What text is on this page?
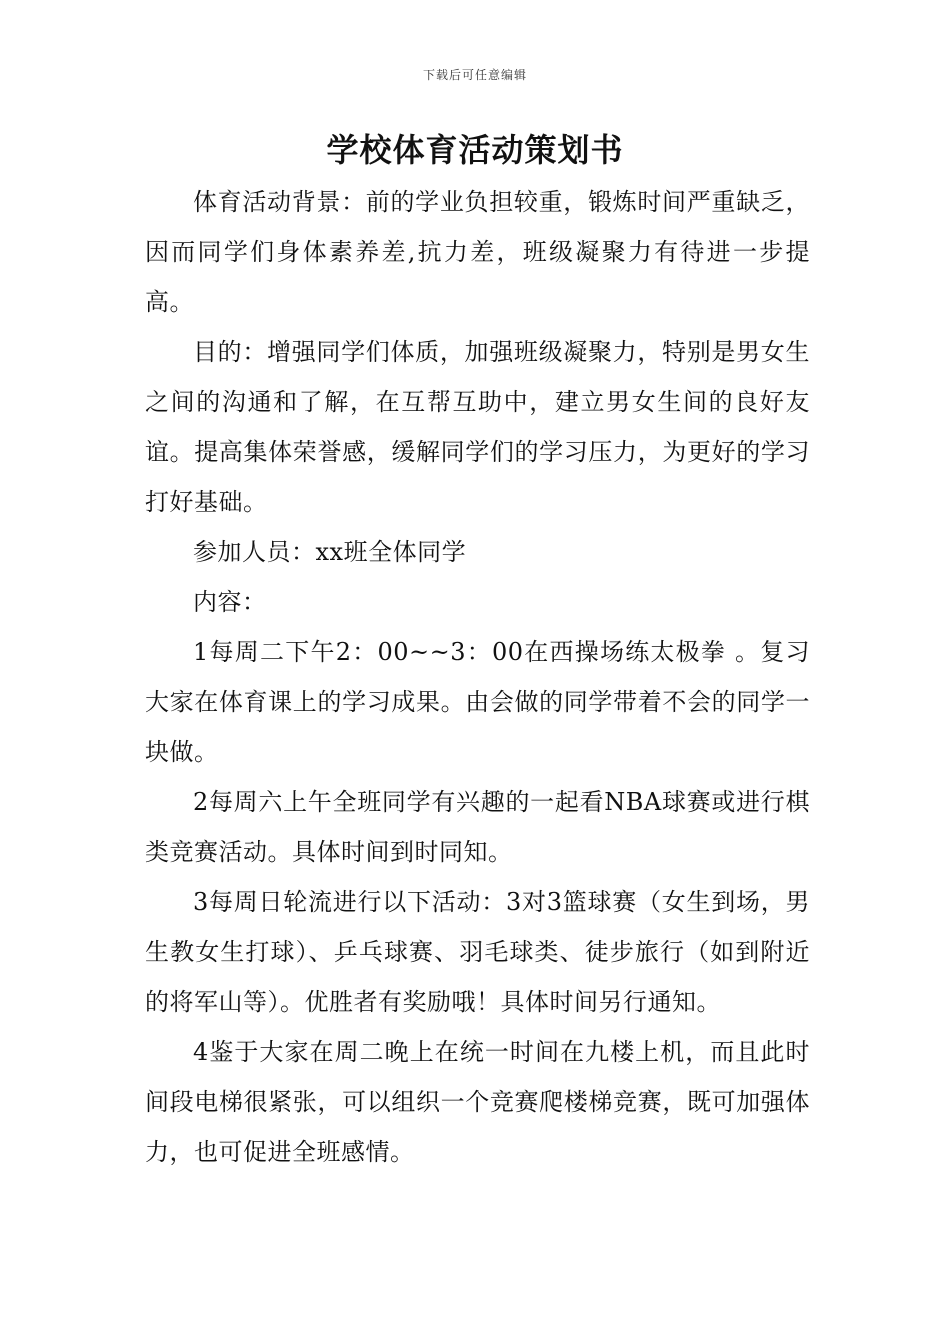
下载后可任意编辑
学校体育活动策划书

体育活动背景：前的学业负担较重，锻炼时间严重缺乏，因而同学们身体素养差,抗力差，班级凝聚力有待进一步提高。

目的：增强同学们体质，加强班级凝聚力，特别是男女生之间的沟通和了解，在互帮互助中，建立男女生间的良好友谊。提高集体荣誉感，缓解同学们的学习压力，为更好的学习打好基础。

参加人员：xx班全体同学

内容：

1每周二下午2：00~~3：00在西操场练太极拳 。复习大家在体育课上的学习成果。由会做的同学带着不会的同学一块做。

2每周六上午全班同学有兴趣的一起看NBA球赛或进行棋类竞赛活动。具体时间到时同知。

3每周日轮流进行以下活动：3对3篮球赛（女生到场，男生教女生打球）、乒乓球赛、羽毛球类、徒步旅行（如到附近的将军山等）。优胜者有奖励哦！具体时间另行通知。

4鉴于大家在周二晚上在统一时间在九楼上机，而且此时间段电梯很紧张，可以组织一个竞赛爬楼梯竞赛，既可加强体力，也可促进全班感情。
